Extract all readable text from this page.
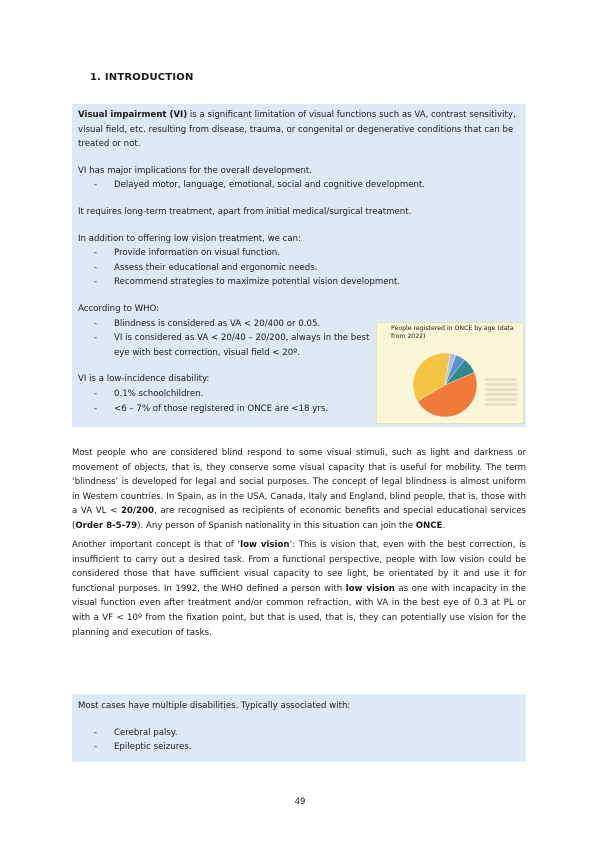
1. INTRODUCTION

Visual impairment (VI) is a significant limitation of visual functions such as VA, contrast sensitivity, visual field, etc. resulting from disease, trauma, or congenital or degenerative conditions that can be treated or not.

VI has major implications for the overall development.

- Delayed motor, language, emotional, social and cognitive development.

It requires long-term treatment, apart from initial medical/surgical treatment.

In addition to offering low vision treatment, we can:

- Provide information on visual function.
- Assess their educational and ergonomic needs.
- Recommend strategies to maximize potential vision development.

According to WHO:

- Blindness is considered as VA < 20/400 or 0.05.
- VI is considered as VA < 20/40 – 20/200, always in the best eye with best correction, visual field < 20º.

VI is a low-incidence disability:

- 0.1% schoolchildren.
- <6 – 7% of those registered in ONCE are <18 yrs.
People registered in ONCE by age (data from 2022)

Most people who are considered blind respond to some visual stimuli, such as light and darkness or movement of objects, that is, they conserve some visual capacity that is useful for mobility. The term ‘blindness’ is developed for legal and social purposes. The concept of legal blindness is almost uniform in Western countries. In Spain, as in the USA, Canada, Italy and England, blind people, that is, those with a VA VL < 20/200, are recognised as recipients of economic benefits and special educational services (Order 8-5-79). Any person of Spanish nationality in this situation can join the ONCE.

Another important concept is that of ‘low vision’: This is vision that, even with the best correction, is insufficient to carry out a desired task. From a functional perspective, people with low vision could be considered those that have sufficient visual capacity to see light, be orientated by it and use it for functional purposes. In 1992, the WHO defined a person with low vision as one with incapacity in the visual function even after treatment and/or common refraction, with VA in the best eye of 0.3 at PL or with a VF < 10º from the fixation point, but that is used, that is, they can potentially use vision for the planning and execution of tasks.

Most cases have multiple disabilities. Typically associated with:

- Cerebral palsy.
- Epileptic seizures.
49
